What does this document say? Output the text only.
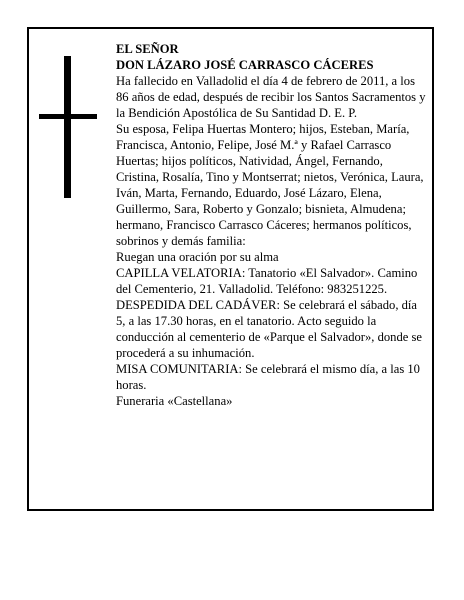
EL SEÑOR

DON LÁZARO JOSÉ CARRASCO CÁCERES

Ha fallecido en Valladolid el día 4 de febrero de 2011, a los 86 años de edad, después de recibir los Santos Sacramentos y la Bendición Apostólica de Su Santidad D. E. P.

Su esposa, Felipa Huertas Montero; hijos, Esteban, María, Francisca, Antonio, Felipe, José M.ª y Rafael Carrasco Huertas; hijos políticos, Natividad, Ángel, Fernando, Cristina, Rosalía, Tino y Montserrat; nietos, Verónica, Laura, Iván, Marta, Fernando, Eduardo, José Lázaro, Elena, Guillermo, Sara, Roberto y Gonzalo; bisnieta, Almudena; hermano, Francisco Carrasco Cáceres; hermanos políticos, sobrinos y demás familia:

Ruegan una oración por su alma

CAPILLA VELATORIA: Tanatorio «El Salvador». Camino del Cementerio, 21. Valladolid. Teléfono: 983251225.

DESPEDIDA DEL CADÁVER: Se celebrará el sábado, día 5, a las 17.30 horas, en el tanatorio. Acto seguido la conducción al cementerio de «Parque el Salvador», donde se procederá a su inhumación.

MISA COMUNITARIA: Se celebrará el mismo día, a las 10 horas.

Funeraria «Castellana»
